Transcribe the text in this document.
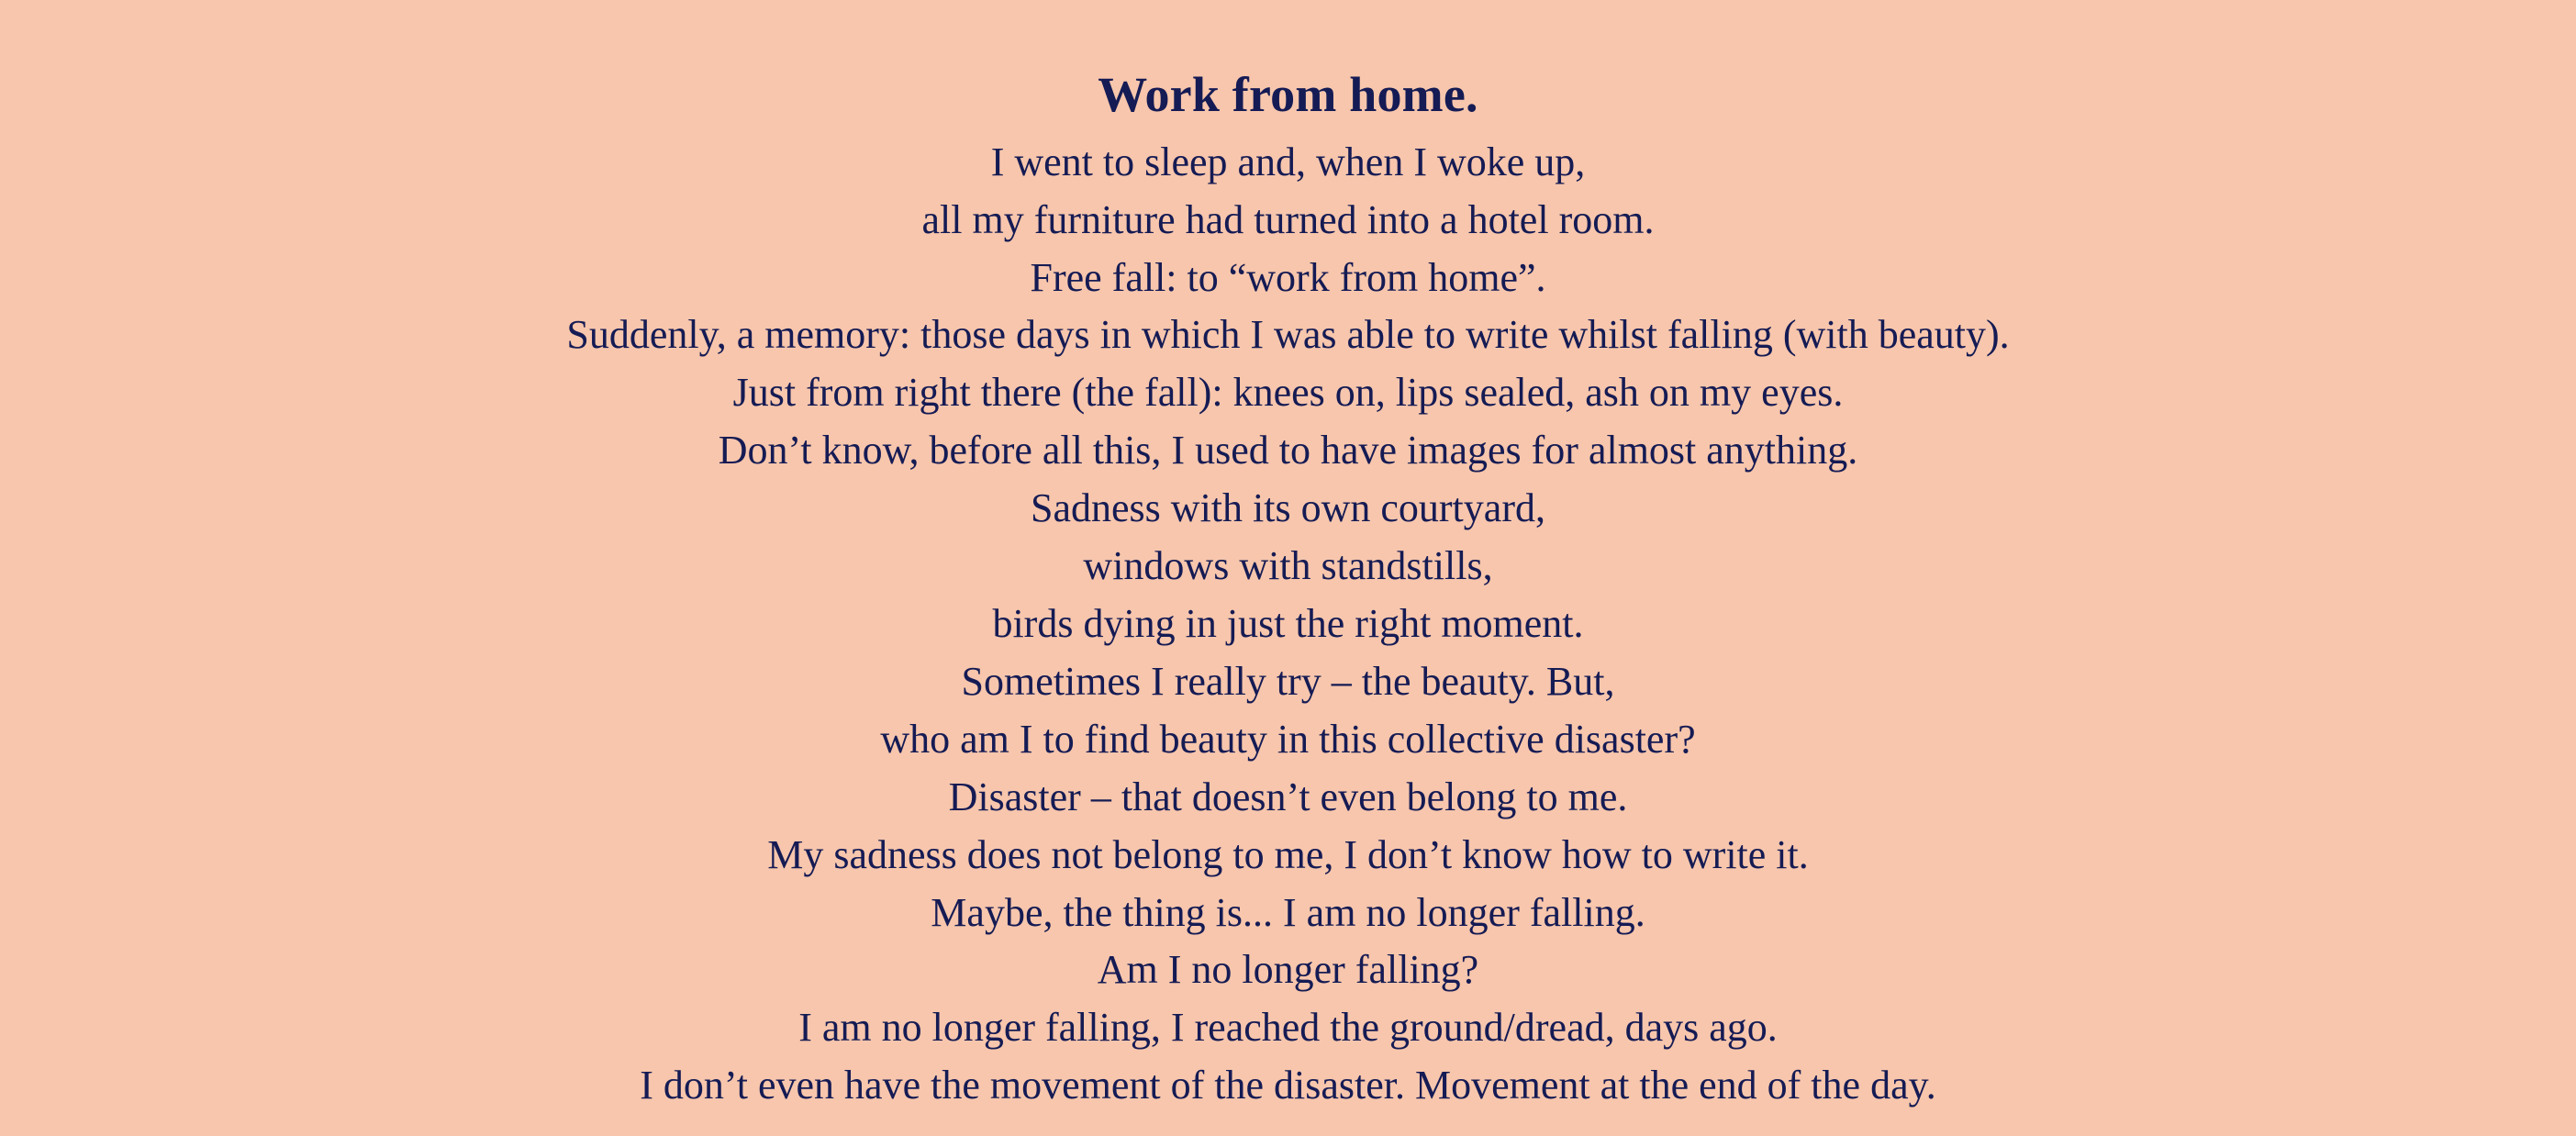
Work from home.
I went to sleep and, when I woke up,
all my furniture had turned into a hotel room.
Free fall: to “work from home”.
Suddenly, a memory: those days in which I was able to write whilst falling (with beauty).
Just from right there (the fall): knees on, lips sealed, ash on my eyes.
Don’t know, before all this, I used to have images for almost anything.
Sadness with its own courtyard,
windows with standstills,
birds dying in just the right moment.
Sometimes I really try – the beauty. But,
who am I to find beauty in this collective disaster?
Disaster – that doesn’t even belong to me.
My sadness does not belong to me, I don’t know how to write it.
Maybe, the thing is... I am no longer falling.
Am I no longer falling?
I am no longer falling, I reached the ground/dread, days ago.
I don’t even have the movement of the disaster. Movement at the end of the day.
